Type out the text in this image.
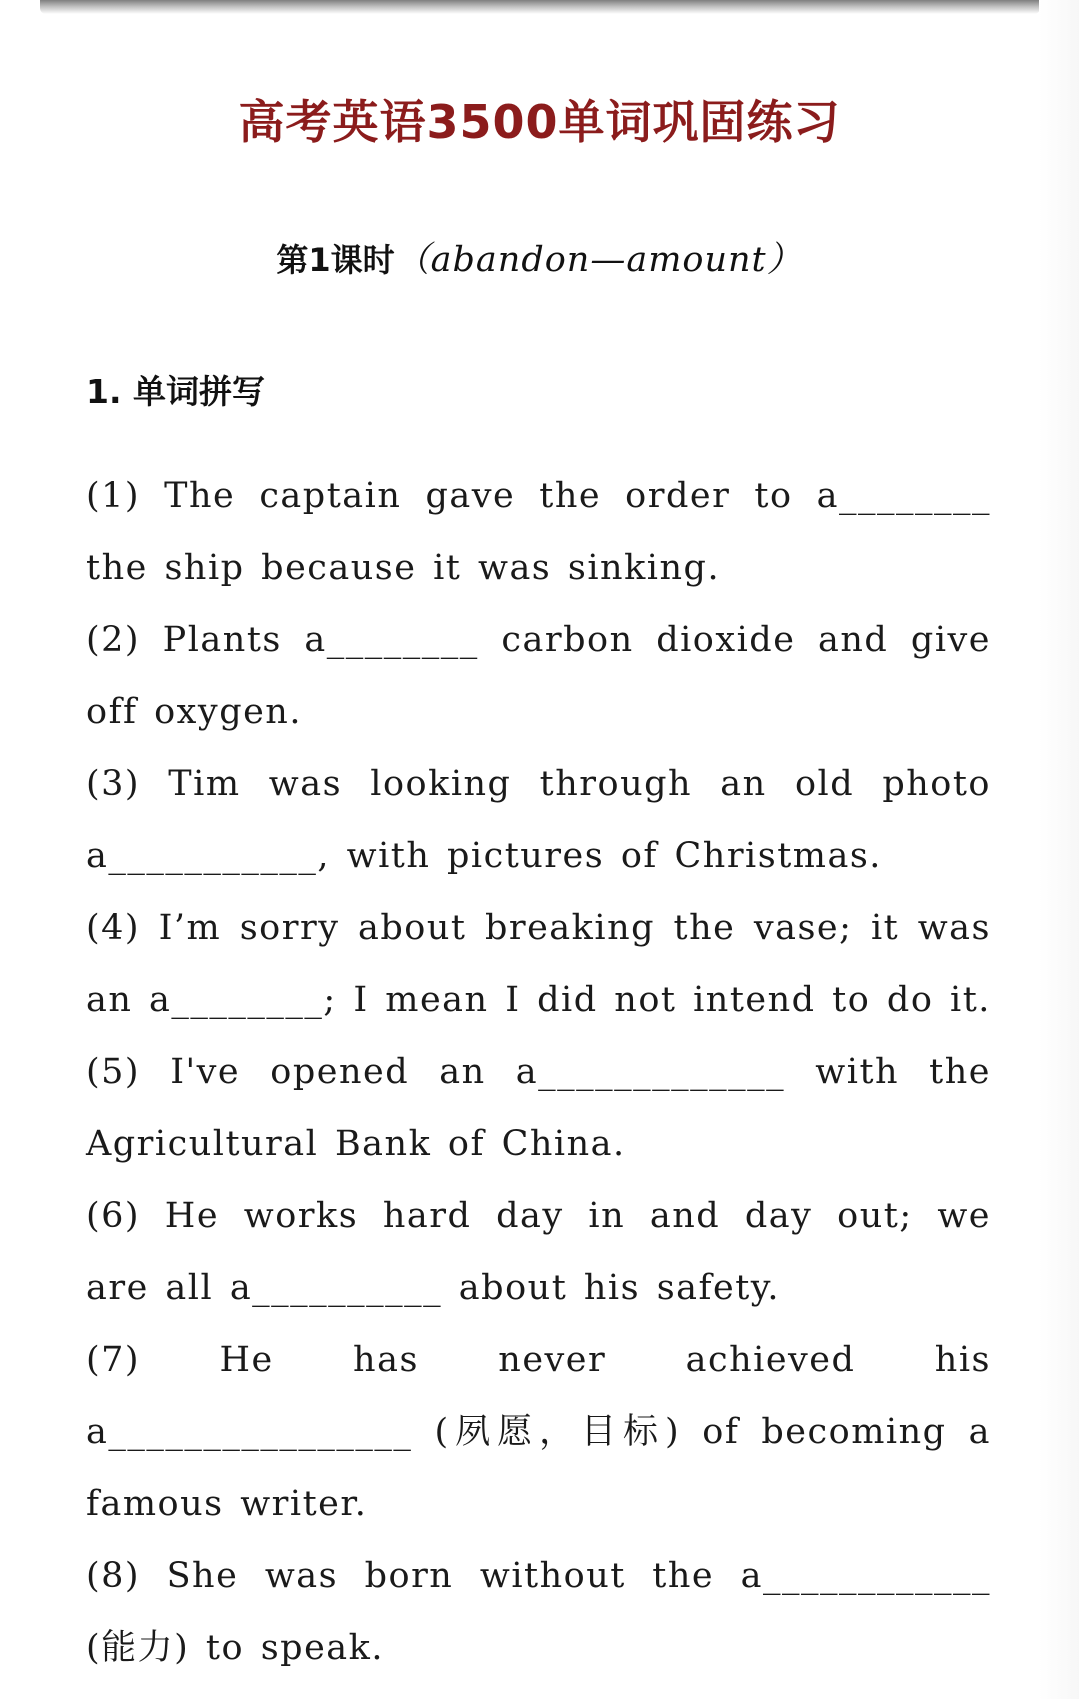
高考英语3500单词巩固练习
第1课时（abandon—amount）
1. 单词拼写
(1) The captain gave the order to a________ the ship because it was sinking.
(2) Plants a________ carbon dioxide and give off oxygen.
(3) Tim was looking through an old photo a___________, with pictures of Christmas.
(4) I’m sorry about breaking the vase; it was an a________; I mean I did not intend to do it.
(5) I've opened an a_____________ with the Agricultural Bank of China.
(6) He works hard day in and day out; we are all a__________ about his safety.
(7) He has never achieved his a________________ (夙愿，目标) of becoming a famous writer.
(8) She was born without the a____________ (能力) to speak.
